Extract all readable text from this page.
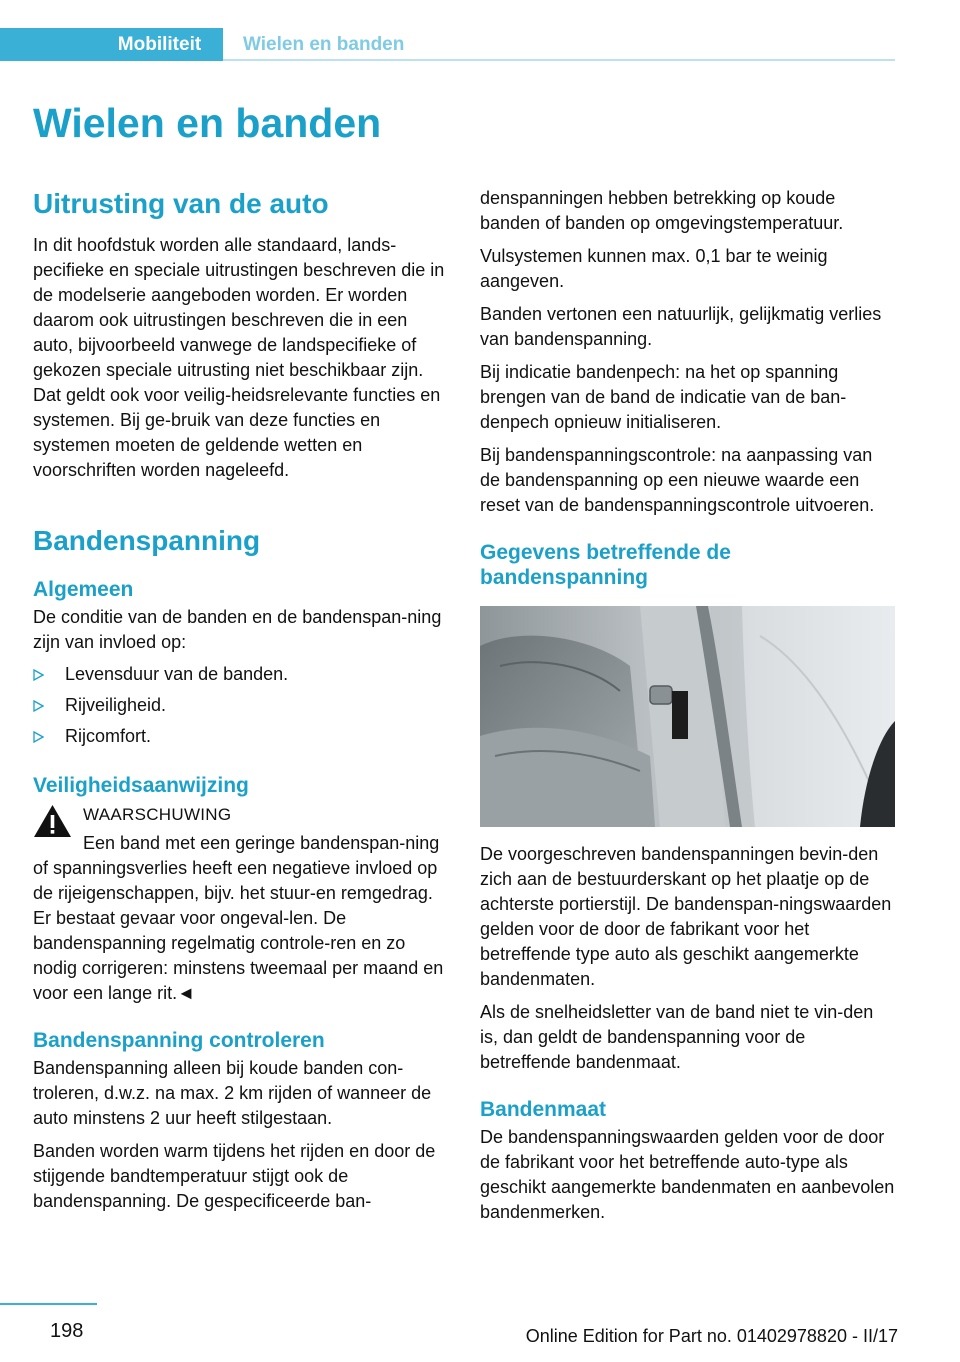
Mobiliteit	Wielen en banden
Wielen en banden
Uitrusting van de auto
In dit hoofdstuk worden alle standaard, lands-pecifieke en speciale uitrustingen beschreven die in de modelserie aangeboden worden. Er worden daarom ook uitrustingen beschreven die in een auto, bijvoorbeeld vanwege de landspecifieke of gekozen speciale uitrusting niet beschikbaar zijn. Dat geldt ook voor veilig-heidsrelevante functies en systemen. Bij ge-bruik van deze functies en systemen moeten de geldende wetten en voorschriften worden nageleefd.
Bandenspanning
Algemeen
De conditie van de banden en de bandenspan-ning zijn van invloed op:
Levensduur van de banden.
Rijveiligheid.
Rijcomfort.
Veiligheidsaanwijzing
WAARSCHUWING
Een band met een geringe bandenspan-ning of spanningsverlies heeft een negatieve invloed op de rijeigenschappen, bijv. het stuur-en remgedrag. Er bestaat gevaar voor ongeval-len. De bandenspanning regelmatig controle-ren en zo nodig corrigeren: minstens tweemaal per maand en voor een lange rit.◄
Bandenspanning controleren
Bandenspanning alleen bij koude banden con-troleren, d.w.z. na max. 2 km rijden of wanneer de auto minstens 2 uur heeft stilgestaan.
Banden worden warm tijdens het rijden en door de stijgende bandtemperatuur stijgt ook de bandenspanning. De gespecificeerde ban-
denspanningen hebben betrekking op koude banden of banden op omgevingstemperatuur.
Vulsystemen kunnen max. 0,1 bar te weinig aangeven.
Banden vertonen een natuurlijk, gelijkmatig verlies van bandenspanning.
Bij indicatie bandenpech: na het op spanning brengen van de band de indicatie van de ban-denpech opnieuw initialiseren.
Bij bandenspanningscontrole: na aanpassing van de bandenspanning op een nieuwe waarde een reset van de bandenspanningscontrole uitvoeren.
Gegevens betreffende de bandenspanning
De voorgeschreven bandenspanningen bevin-den zich aan de bestuurderskant op het plaatje op de achterste portierstijl. De bandenspan-ningswaarden gelden voor de door de fabrikant voor het betreffende type auto als geschikt aangemerkte bandenmaten.
Als de snelheidsletter van de band niet te vin-den is, dan geldt de bandenspanning voor de betreffende bandenmaat.
Bandenmaat
De bandenspanningswaarden gelden voor de door de fabrikant voor het betreffende auto-type als geschikt aangemerkte bandenmaten en aanbevolen bandenmerken.
198	Online Edition for Part no. 01402978820 - II/17
